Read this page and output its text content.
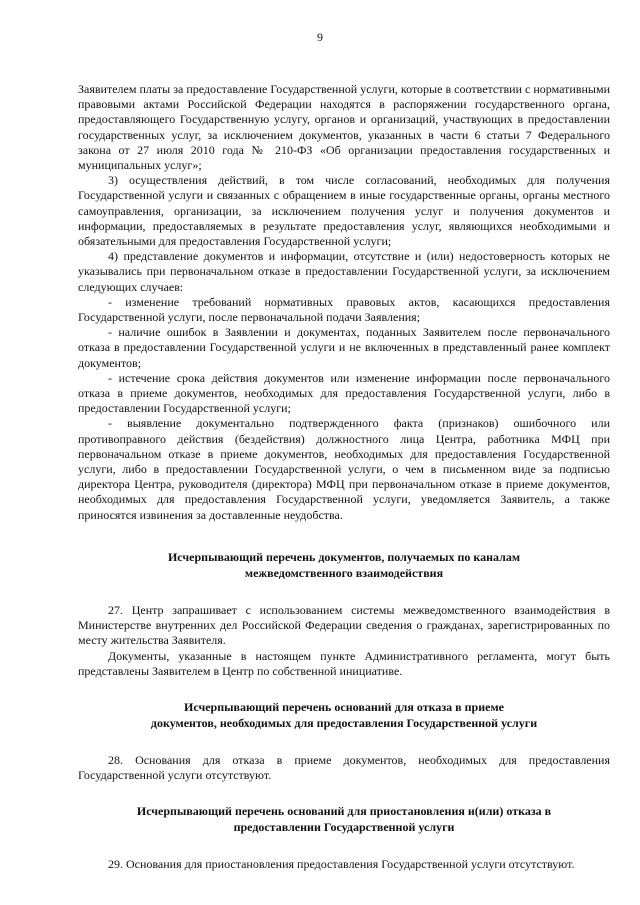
9

Заявителем платы за предоставление Государственной услуги, которые в соответствии с нормативными правовыми актами Российской Федерации находятся в распоряжении государственного органа, предоставляющего Государственную услугу, органов и организаций, участвующих в предоставлении государственных услуг, за исключением документов, указанных в части 6 статьи 7 Федерального закона от 27 июля 2010 года № 210-ФЗ «Об организации предоставления государственных и муниципальных услуг»;

3) осуществления действий, в том числе согласований, необходимых для получения Государственной услуги и связанных с обращением в иные государственные органы, органы местного самоуправления, организации, за исключением получения услуг и получения документов и информации, предоставляемых в результате предоставления услуг, являющихся необходимыми и обязательными для предоставления Государственной услуги;

4) представление документов и информации, отсутствие и (или) недостоверность которых не указывались при первоначальном отказе в предоставлении Государственной услуги, за исключением следующих случаев:

- изменение требований нормативных правовых актов, касающихся предоставления Государственной услуги, после первоначальной подачи Заявления;

- наличие ошибок в Заявлении и документах, поданных Заявителем после первоначального отказа в предоставлении Государственной услуги и не включенных в представленный ранее комплект документов;

- истечение срока действия документов или изменение информации после первоначального отказа в приеме документов, необходимых для предоставления Государственной услуги, либо в предоставлении Государственной услуги;

- выявление документально подтвержденного факта (признаков) ошибочного или противоправного действия (бездействия) должностного лица Центра, работника МФЦ при первоначальном отказе в приеме документов, необходимых для предоставления Государственной услуги, либо в предоставлении Государственной услуги, о чем в письменном виде за подписью директора Центра, руководителя (директора) МФЦ при первоначальном отказе в приеме документов, необходимых для предоставления Государственной услуги, уведомляется Заявитель, а также приносятся извинения за доставленные неудобства.

Исчерпывающий перечень документов, получаемых по каналам
межведомственного взаимодействия

27. Центр запрашивает с использованием системы межведомственного взаимодействия в Министерстве внутренних дел Российской Федерации сведения о гражданах, зарегистрированных по месту жительства Заявителя.

Документы, указанные в настоящем пункте Административного регламента, могут быть представлены Заявителем в Центр по собственной инициативе.

Исчерпывающий перечень оснований для отказа в приеме
документов, необходимых для предоставления Государственной услуги

28. Основания для отказа в приеме документов, необходимых для предоставления Государственной услуги отсутствуют.

Исчерпывающий перечень оснований для приостановления и(или) отказа в
предоставлении Государственной услуги

29. Основания для приостановления предоставления Государственной услуги отсутствуют.
